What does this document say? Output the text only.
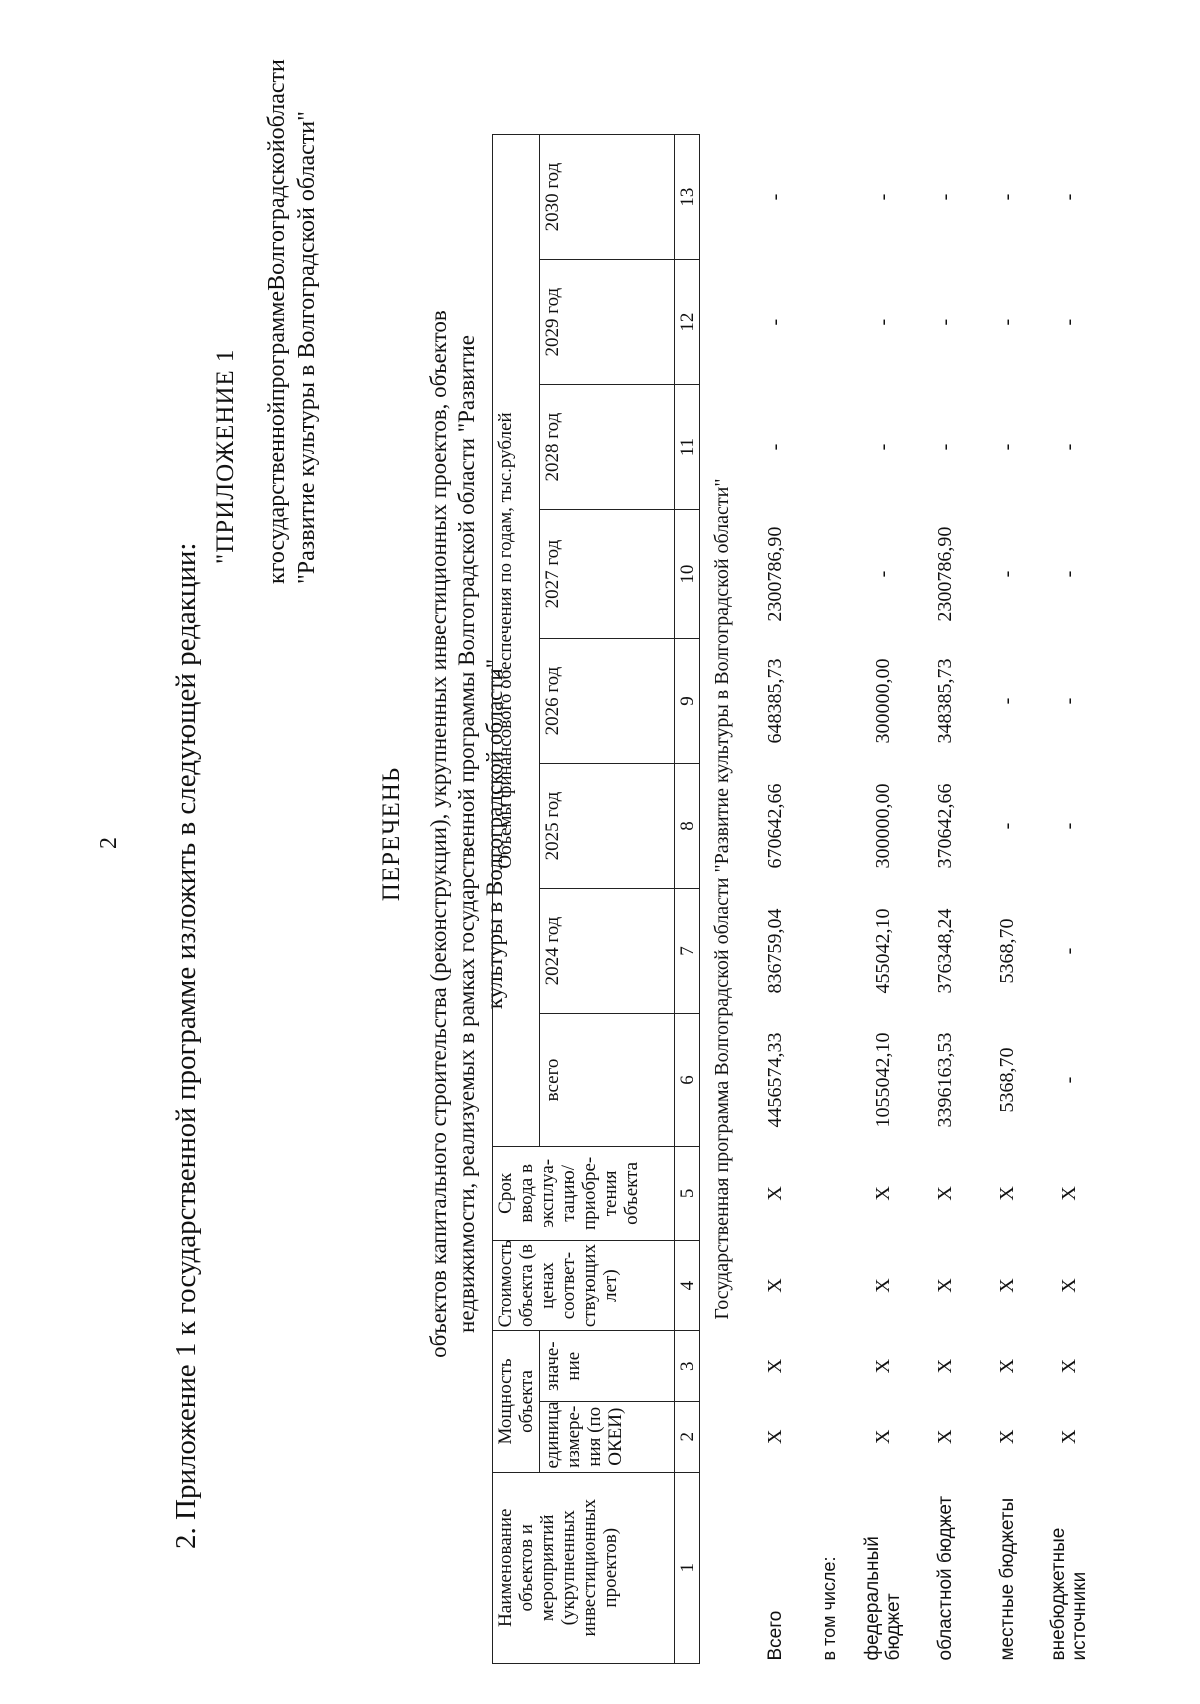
2 2. Приложение 1 к государственной программе изложить в следующей редакции:
"ПРИЛОЖЕНИЕ 1
к
государственной
программе
Волгоградской
области
"Развитие культуры в Волгоградской области"
ПЕРЕЧЕНЬ объектов капитального строительства (реконструкции), укрупненных инвестиционных проектов, объектов недвижимости, реализуемых в рамках государственной программы Волгоградской области "Развитие культуры в Волгоградской области"
Наименование объектов и мероприятий (укрупненных инвестиционных проектов)	Мощность объекта		Стоимость объекта (в ценах соответ- ствующих лет)	Срок ввода в эксплуа- тацию/ приобре- тения объекта	Объемы финансового обеспечения по годам, тыс.рублей							
	единица измере- ния (по ОКЕИ)	значе- ние			всего	2024 год	2025 год	2026 год	2027 год	2028 год	2029 год	2030 год
1	2	3	4	5	6	7	8	9	10	11	12	13
Государственная программа Волгоградской области "Развитие культуры в Волгоградской области"												
Всего	X	X	X	X	4456574,33	836759,04	670642,66	648385,73	2300786,90	-	-	-
в том числе:												
федеральный бюджет	X	X	X	X	1055042,10	455042,10	300000,00	300000,00	-	-	-	-
областной бюджет	X	X	X	X	3396163,53	376348,24	370642,66	348385,73	2300786,90	-	-	-
местные бюджеты	X	X	X	X	5368,70	5368,70	-	-	-	-	-	-
внебюджетные источники	X	X	X	X	-	-	-	-	-	-	-	-
